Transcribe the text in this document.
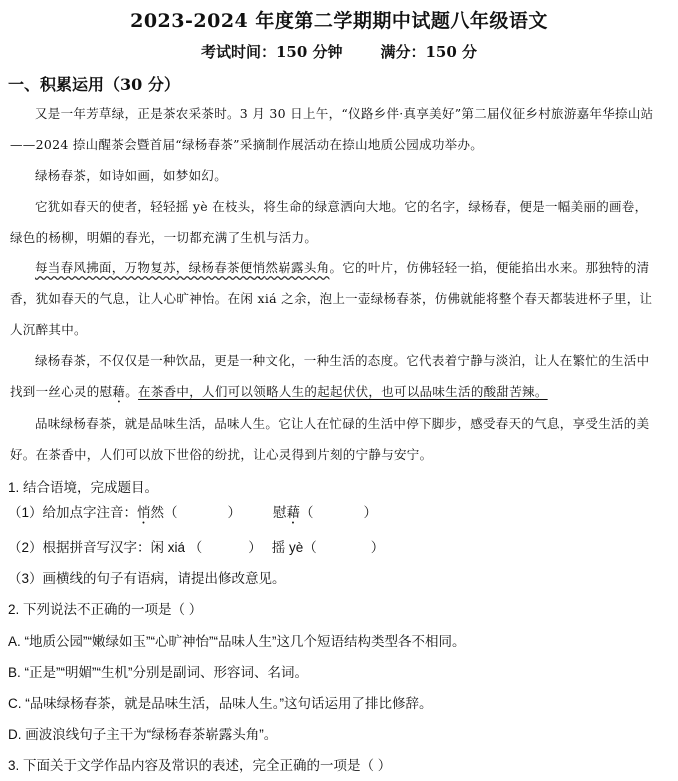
2023-2024 年度第二学期期中试题八年级语文
考试时间：150 分钟	满分：150 分
一、积累运用（30 分）
又是一年芳草绿，正是茶农采茶时。3 月 30 日上午，“仪路乡伴·真享美好”第二届仪征乡村旅游嘉年华捺山站——2024 捺山醒茶会暨首届“绿杨春茶”采摘制作展活动在捺山地质公园成功举办。
绿杨春茶，如诗如画，如梦如幻。
它犹如春天的使者，轻轻摇 yè 在枝头，将生命的绿意洒向大地。它的名字，绿杨春，便是一幅美丽的画卷，绿色的杨柳，明媚的春光，一切都充满了生机与活力。
每当春风拂面，万物复苏，绿杨春茶便悄然崭露头角。它的叶片，仿佛轻轻一掐，便能掐出水来。那独特的清香，犹如春天的气息，让人心旷神怡。在闲 xiá 之余，泡上一壶绿杨春茶，仿佛就能将整个春天都装进杯子里，让人沉醉其中。
绿杨春茶，不仅仅是一种饮品，更是一种文化，一种生活的态度。它代表着宁静与淡泊，让人在繁忙的生活中找到一丝心灵的慰藉。在茶香中，人们可以领略人生的起起伏伏，也可以品味生活的酸甜苦辣。
品味绿杨春茶，就是品味生活，品味人生。它让人在忙碌的生活中停下脚步，感受春天的气息，享受生活的美好。在茶香中，人们可以放下世俗的纷扰，让心灵得到片刻的宁静与安宁。
1. 结合语境，完成题目。
（1）给加点字注音：悄然（	） 慰藉（	）
（2）根据拼音写汉字：闲 xiá （	） 摇 yè（	）
（3）画横线的句子有语病，请提出修改意见。
2. 下列说法不正确的一项是（ ）
A. “地质公园”“嫩绿如玉”“心旷神怡”“品味人生”这几个短语结构类型各不相同。
B. “正是”“明媚”“生机”分别是副词、形容词、名词。
C. “品味绿杨春茶，就是品味生活，品味人生。”这句话运用了排比修辞。
D. 画波浪线句子主干为“绿杨春茶崭露头角”。
3. 下面关于文学作品内容及常识的表述，完全正确的一项是（ ）
